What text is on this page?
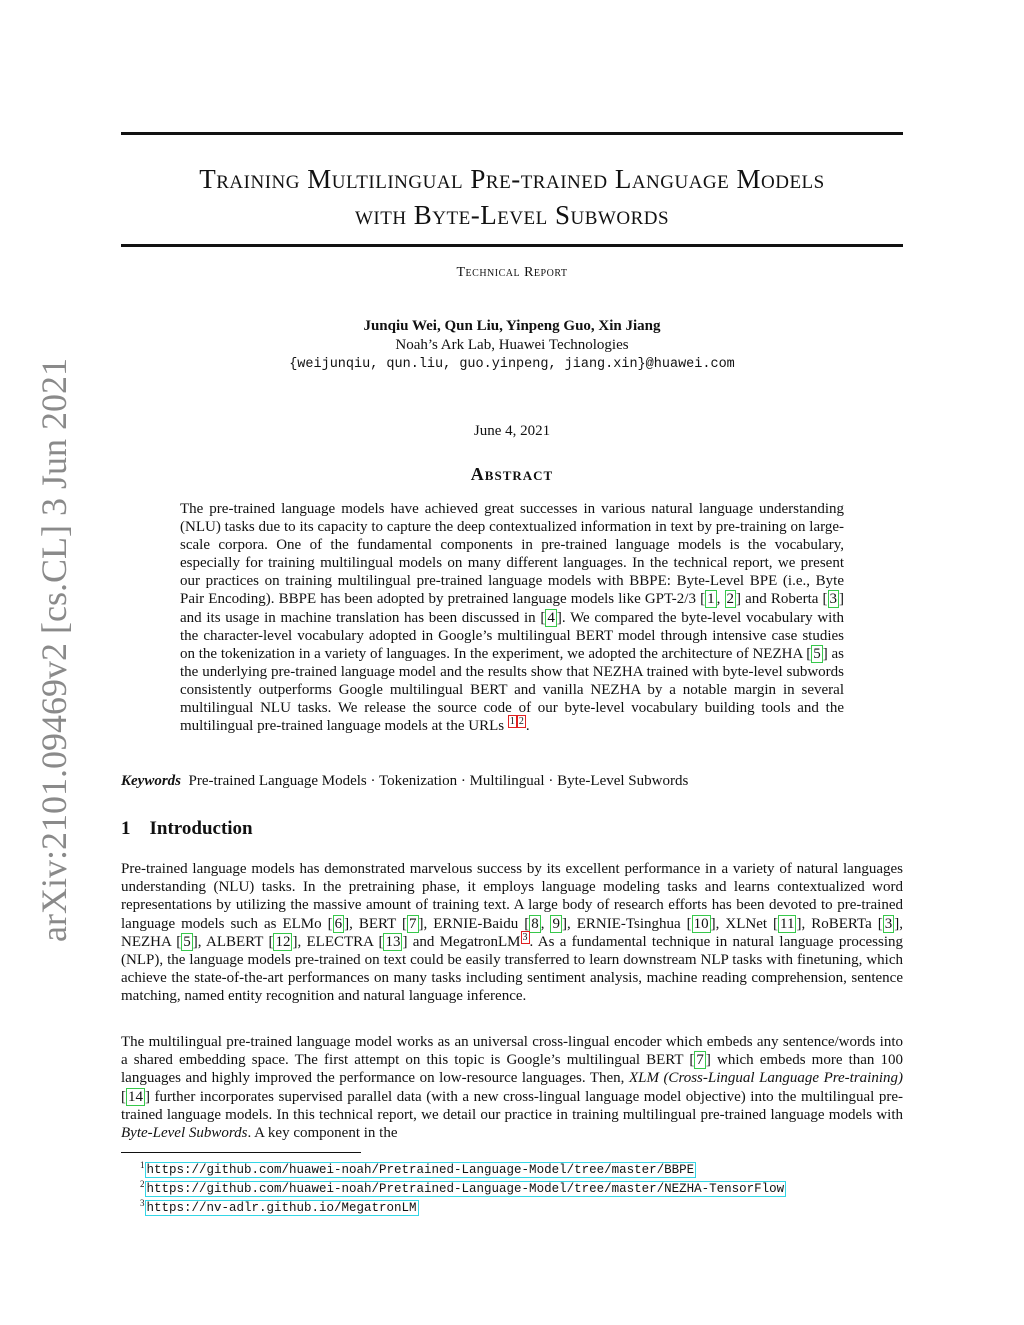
arXiv:2101.09469v2 [cs.CL] 3 Jun 2021
Training Multilingual Pre-trained Language Models
with Byte-Level Subwords
Technical Report
Junqiu Wei, Qun Liu, Yinpeng Guo, Xin Jiang
Noah’s Ark Lab, Huawei Technologies
{weijunqiu, qun.liu, guo.yinpeng, jiang.xin}@huawei.com
June 4, 2021
Abstract
The pre-trained language models have achieved great successes in various natural language understanding (NLU) tasks due to its capacity to capture the deep contextualized information in text by pre-training on large-scale corpora. One of the fundamental components in pre-trained language models is the vocabulary, especially for training multilingual models on many different languages. In the technical report, we present our practices on training multilingual pre-trained language models with BBPE: Byte-Level BPE (i.e., Byte Pair Encoding). BBPE has been adopted by pretrained language models like GPT-2/3 [ 1 , 2 ] and Roberta [ 3 ] and its usage in machine translation has been discussed in [ 4 ]. We compared the byte-level vocabulary with the character-level vocabulary adopted in Google’s multilingual BERT model through intensive case studies on the tokenization in a variety of languages. In the experiment, we adopted the architecture of NEZHA [ 5 ] as the underlying pre-trained language model and the results show that NEZHA trained with byte-level subwords consistently outperforms Google multilingual BERT and vanilla NEZHA by a notable margin in several multilingual NLU tasks. We release the source code of our byte-level vocabulary building tools and the multilingual pre-trained language models at the URLs $^1$ $^2$ .
Keywords Pre-trained Language Models · Tokenization · Multilingual · Byte-Level Subwords
1    Introduction
Pre-trained language models has demonstrated marvelous success by its excellent performance in a variety of natural languages understanding (NLU) tasks. In the pretraining phase, it employs language modeling tasks and learns contextualized word representations by utilizing the massive amount of training text. A large body of research efforts has been devoted to pre-trained language models such as ELMo [ 6 ], BERT [ 7 ], ERNIE-Baidu [ 8 , 9 ], ERNIE-Tsinghua [ 10 ], XLNet [ 11 ], RoBERTa [ 3 ], NEZHA [ 5 ], ALBERT [ 12 ], ELECTRA [ 13 ] and MegatronLM $^3$ . As a fundamental technique in natural language processing (NLP), the language models pre-trained on text could be easily transferred to learn downstream NLP tasks with finetuning, which achieve the state-of-the-art performances on many tasks including sentiment analysis, machine reading comprehension, sentence matching, named entity recognition and natural language inference.
The multilingual pre-trained language model works as an universal cross-lingual encoder which embeds any sentence/words into a shared embedding space. The first attempt on this topic is Google’s multilingual BERT [ 7 ] which embeds more than 100 languages and highly improved the performance on low-resource languages. Then, XLM (Cross-Lingual Language Pre-training) [ 14 ] further incorporates supervised parallel data (with a new cross-lingual language model objective) into the multilingual pre-trained language models. In this technical report, we detail our practice in training multilingual pre-trained language models with Byte-Level Subwords. A key component in the
$^1$ https://github.com/huawei-noah/Pretrained-Language-Model/tree/master/BBPE
$^2$ https://github.com/huawei-noah/Pretrained-Language-Model/tree/master/NEZHA-TensorFlow
$^3$ https://nv-adlr.github.io/MegatronLM
